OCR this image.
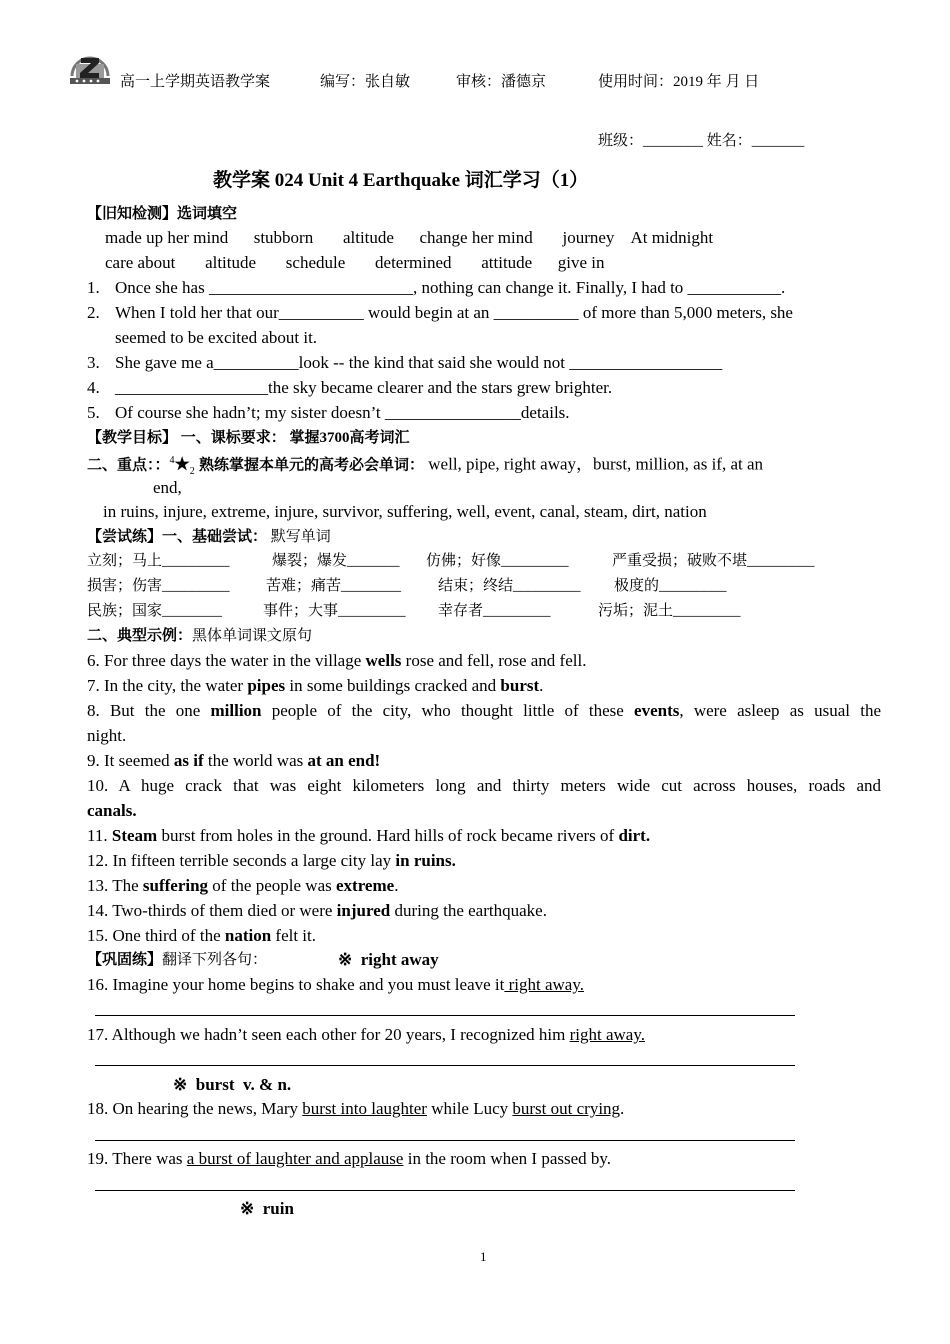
高一上学期英语教学案	编写：张自敏	审核：潘德京	使用时间：2019 年 月 日
班级：________ 姓名：_______
教学案 024 Unit 4 Earthquake 词汇学习（1）
【旧知检测】选词填空
made up her mind      stubborn       altitude      change her mind       journey    At midnight
care about       altitude       schedule       determined       attitude      give in
1. Once she has ________________________, nothing can change it. Finally, I had to ___________.
2. When I told her that our__________ would begin at an __________ of more than 5,000 meters, she
seemed to be excited about it.
3. She gave me a__________look -- the kind that said she would not __________________
4. __________________the sky became clearer and the stars grew brighter.
5. Of course she hadn’t; my sister doesn’t ________________details.
【教学目标】 一、课标要求： 掌握3700高考词汇
二、重点：：$^4★_2$ 熟练掌握本单元的高考必会单词： well, pipe, right away，burst, million, as if, at an
end,
in ruins, injure, extreme, injure, survivor, suffering, well, event, canal, steam, dirt, nation
【尝试练】一、基础尝试： 默写单词
立刻；马上_________	爆裂；爆发_______ 仿佛；好像_________	严重受损；破败不堪_________
损害；伤害_________ 苦难；痛苦________ 结束；终结_________ 极度的_________
民族；国家________	事件；大事_________ 幸存者_________	污垢；泥土_________
二、典型示例：黑体单词课文原句
6. For three days the water in the village wells rose and fell, rose and fell.
7. In the city, the water pipes in some buildings cracked and burst.
8. But the one million people of the city, who thought little of these events, were asleep as usual the
night.
9. It seemed as if the world was at an end!
10. A huge crack that was eight kilometers long and thirty meters wide cut across houses, roads and
canals.
11. Steam burst from holes in the ground. Hard hills of rock became rivers of dirt.
12. In fifteen terrible seconds a large city lay in ruins.
13. The suffering of the people was extreme.
14. Two-thirds of them died or were injured during the earthquake.
15. One third of the nation felt it.
【巩固练】翻译下列各句：	※  right away
16. Imagine your home begins to shake and you must leave it right away.
17. Although we hadn’t seen each other for 20 years, I recognized him right away.
※  burst  v. & n.
18. On hearing the news, Mary burst into laughter while Lucy burst out crying.
19. There was a burst of laughter and applause in the room when I passed by.
※  ruin
1
